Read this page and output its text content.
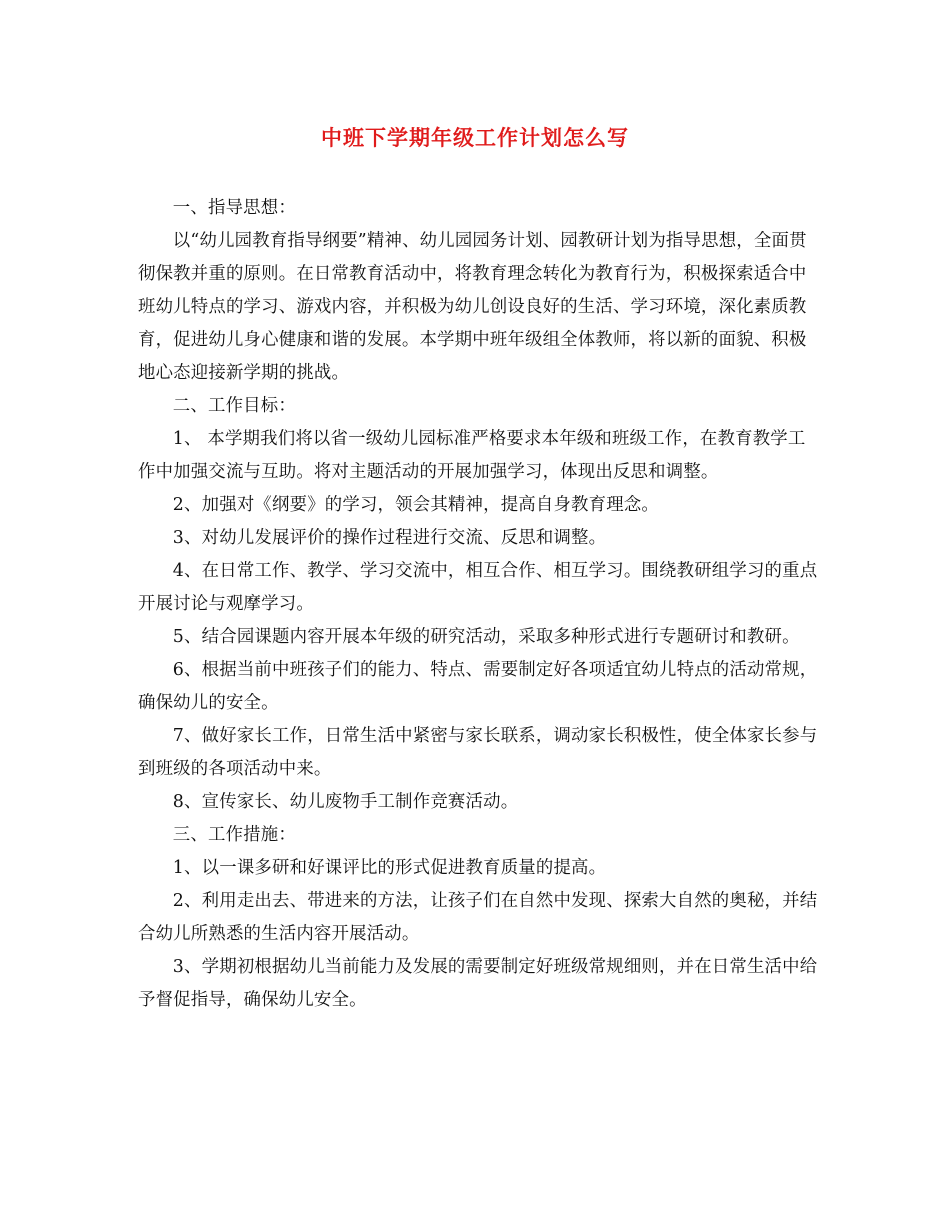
中班下学期年级工作计划怎么写

一、指导思想：

以“幼儿园教育指导纲要”精神、幼儿园园务计划、园教研计划为指导思想，全面贯彻保教并重的原则。在日常教育活动中，将教育理念转化为教育行为，积极探索适合中班幼儿特点的学习、游戏内容，并积极为幼儿创设良好的生活、学习环境，深化素质教育，促进幼儿身心健康和谐的发展。本学期中班年级组全体教师，将以新的面貌、积极地心态迎接新学期的挑战。

二、工作目标：

1、 本学期我们将以省一级幼儿园标准严格要求本年级和班级工作，在教育教学工作中加强交流与互助。将对主题活动的开展加强学习，体现出反思和调整。

2、加强对《纲要》的学习，领会其精神，提高自身教育理念。

3、对幼儿发展评价的操作过程进行交流、反思和调整。

4、在日常工作、教学、学习交流中，相互合作、相互学习。围绕教研组学习的重点开展讨论与观摩学习。

5、结合园课题内容开展本年级的研究活动，采取多种形式进行专题研讨和教研。

6、根据当前中班孩子们的能力、特点、需要制定好各项适宜幼儿特点的活动常规，确保幼儿的安全。

7、做好家长工作，日常生活中紧密与家长联系，调动家长积极性，使全体家长参与到班级的各项活动中来。

8、宣传家长、幼儿废物手工制作竞赛活动。

三、工作措施：

1、以一课多研和好课评比的形式促进教育质量的提高。

2、利用走出去、带进来的方法，让孩子们在自然中发现、探索大自然的奥秘，并结合幼儿所熟悉的生活内容开展活动。

3、学期初根据幼儿当前能力及发展的需要制定好班级常规细则，并在日常生活中给予督促指导，确保幼儿安全。
